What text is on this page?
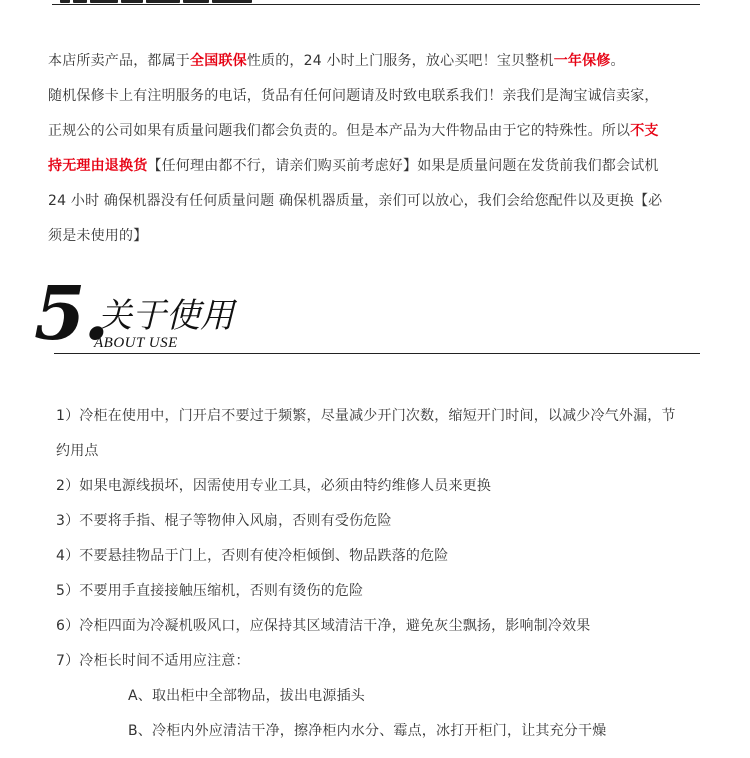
本店所卖产品，都属于全国联保性质的，24 小时上门服务，放心买吧！宝贝整机一年保修。

随机保修卡上有注明服务的电话，货品有任何问题请及时致电联系我们！亲我们是淘宝诚信卖家，

正规公的公司如果有质量问题我们都会负责的。但是本产品为大件物品由于它的特殊性。所以不支

持无理由退换货【任何理由都不行，请亲们购买前考虑好】如果是质量问题在发货前我们都会试机

24 小时 确保机器没有任何质量问题 确保机器质量，亲们可以放心，我们会给您配件以及更换【必

须是未使用的】

5.
关于使用
ABOUT USE

1）冷柜在使用中，门开启不要过于频繁，尽量减少开门次数，缩短开门时间，以减少冷气外漏，节

约用点

2）如果电源线损坏，因需使用专业工具，必须由特约维修人员来更换

3）不要将手指、棍子等物伸入风扇，否则有受伤危险

4）不要悬挂物品于门上，否则有使冷柜倾倒、物品跌落的危险

5）不要用手直接接触压缩机，否则有烫伤的危险

6）冷柜四面为冷凝机吸风口，应保持其区域清洁干净，避免灰尘飘扬，影响制冷效果

7）冷柜长时间不适用应注意：

A、取出柜中全部物品，拔出电源插头

B、冷柜内外应清洁干净，擦净柜内水分、霉点，冰打开柜门，让其充分干燥
